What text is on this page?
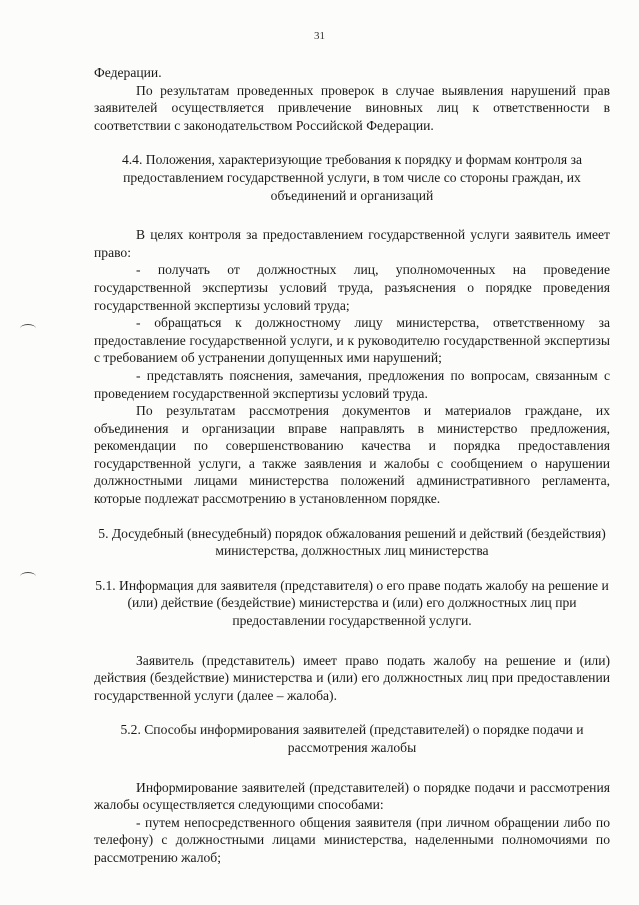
31

Федерации.

По результатам проведенных проверок в случае выявления нарушений прав заявителей осуществляется привлечение виновных лиц к ответственности в соответствии с законодательством Российской Федерации.

4.4. Положения, характеризующие требования к порядку и формам контроля за предоставлением государственной услуги, в том числе со стороны граждан, их объединений и организаций

В целях контроля за предоставлением государственной услуги заявитель имеет право:

- получать от должностных лиц, уполномоченных на проведение государственной экспертизы условий труда, разъяснения о порядке проведения государственной экспертизы условий труда;

- обращаться к должностному лицу министерства, ответственному за предоставление государственной услуги, и к руководителю государственной экспертизы с требованием об устранении допущенных ими нарушений;

- представлять пояснения, замечания, предложения по вопросам, связанным с проведением государственной экспертизы условий труда.

По результатам рассмотрения документов и материалов граждане, их объединения и организации вправе направлять в министерство предложения, рекомендации по совершенствованию качества и порядка предоставления государственной услуги, а также заявления и жалобы с сообщением о нарушении должностными лицами министерства положений административного регламента, которые подлежат рассмотрению в установленном порядке.

5. Досудебный (внесудебный) порядок обжалования решений и действий (бездействия) министерства, должностных лиц министерства

5.1. Информация для заявителя (представителя) о его праве подать жалобу на решение и (или) действие (бездействие) министерства и (или) его должностных лиц при предоставлении государственной услуги.

Заявитель (представитель) имеет право подать жалобу на решение и (или) действия (бездействие) министерства и (или) его должностных лиц при предоставлении государственной услуги (далее – жалоба).

5.2. Способы информирования заявителей (представителей) о порядке подачи и рассмотрения жалобы

Информирование заявителей (представителей) о порядке подачи и рассмотрения жалобы осуществляется следующими способами:

- путем непосредственного общения заявителя (при личном обращении либо по телефону) с должностными лицами министерства, наделенными полномочиями по рассмотрению жалоб;
